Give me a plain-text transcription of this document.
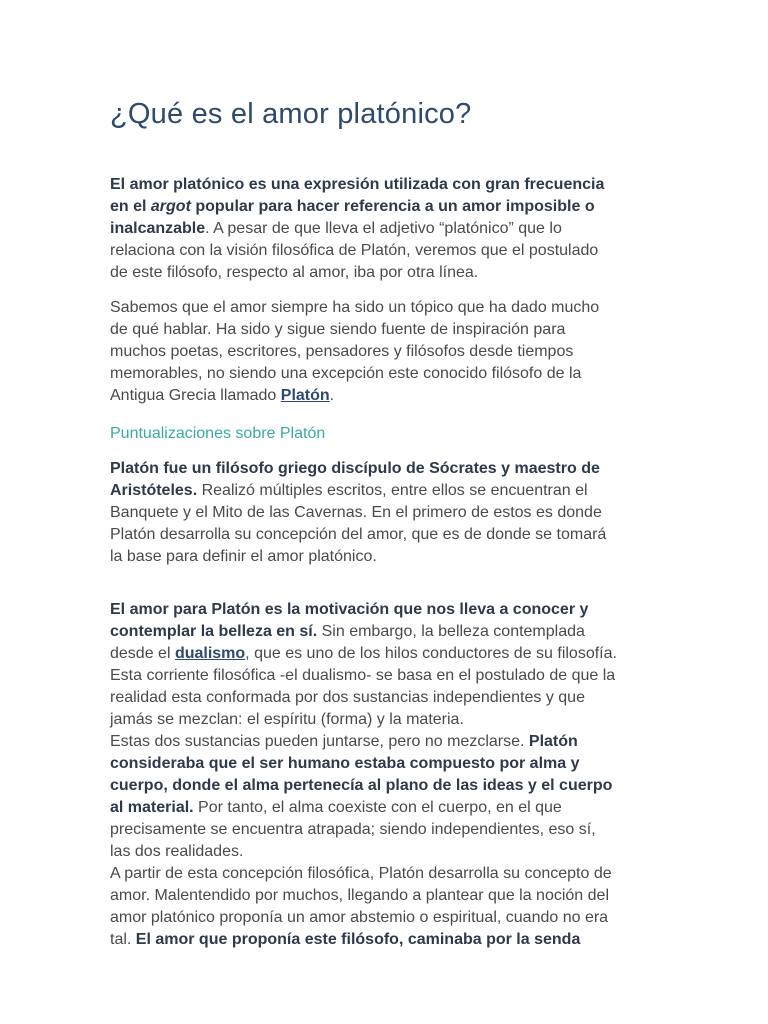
¿Qué es el amor platónico?

El amor platónico es una expresión utilizada con gran frecuencia
en el argot popular para hacer referencia a un amor imposible o
inalcanzable. A pesar de que lleva el adjetivo “platónico” que lo
relaciona con la visión filosófica de Platón, veremos que el postulado
de este filósofo, respecto al amor, iba por otra línea.

Sabemos que el amor siempre ha sido un tópico que ha dado mucho
de qué hablar. Ha sido y sigue siendo fuente de inspiración para
muchos poetas, escritores, pensadores y filósofos desde tiempos
memorables, no siendo una excepción este conocido filósofo de la
Antigua Grecia llamado Platón.

Puntualizaciones sobre Platón

Platón fue un filósofo griego discípulo de Sócrates y maestro de
Aristóteles. Realizó múltiples escritos, entre ellos se encuentran el
Banquete y el Mito de las Cavernas. En el primero de estos es donde
Platón desarrolla su concepción del amor, que es de donde se tomará
la base para definir el amor platónico.

El amor para Platón es la motivación que nos lleva a conocer y
contemplar la belleza en sí. Sin embargo, la belleza contemplada
desde el dualismo, que es uno de los hilos conductores de su filosofía.
Esta corriente filosófica -el dualismo- se basa en el postulado de que la
realidad esta conformada por dos sustancias independientes y que
jamás se mezclan: el espíritu (forma) y la materia.
Estas dos sustancias pueden juntarse, pero no mezclarse. Platón
consideraba que el ser humano estaba compuesto por alma y
cuerpo, donde el alma pertenecía al plano de las ideas y el cuerpo
al material. Por tanto, el alma coexiste con el cuerpo, en el que
precisamente se encuentra atrapada; siendo independientes, eso sí,
las dos realidades.
A partir de esta concepción filosófica, Platón desarrolla su concepto de
amor. Malentendido por muchos, llegando a plantear que la noción del
amor platónico proponía un amor abstemio o espiritual, cuando no era
tal. El amor que proponía este filósofo, caminaba por la senda
